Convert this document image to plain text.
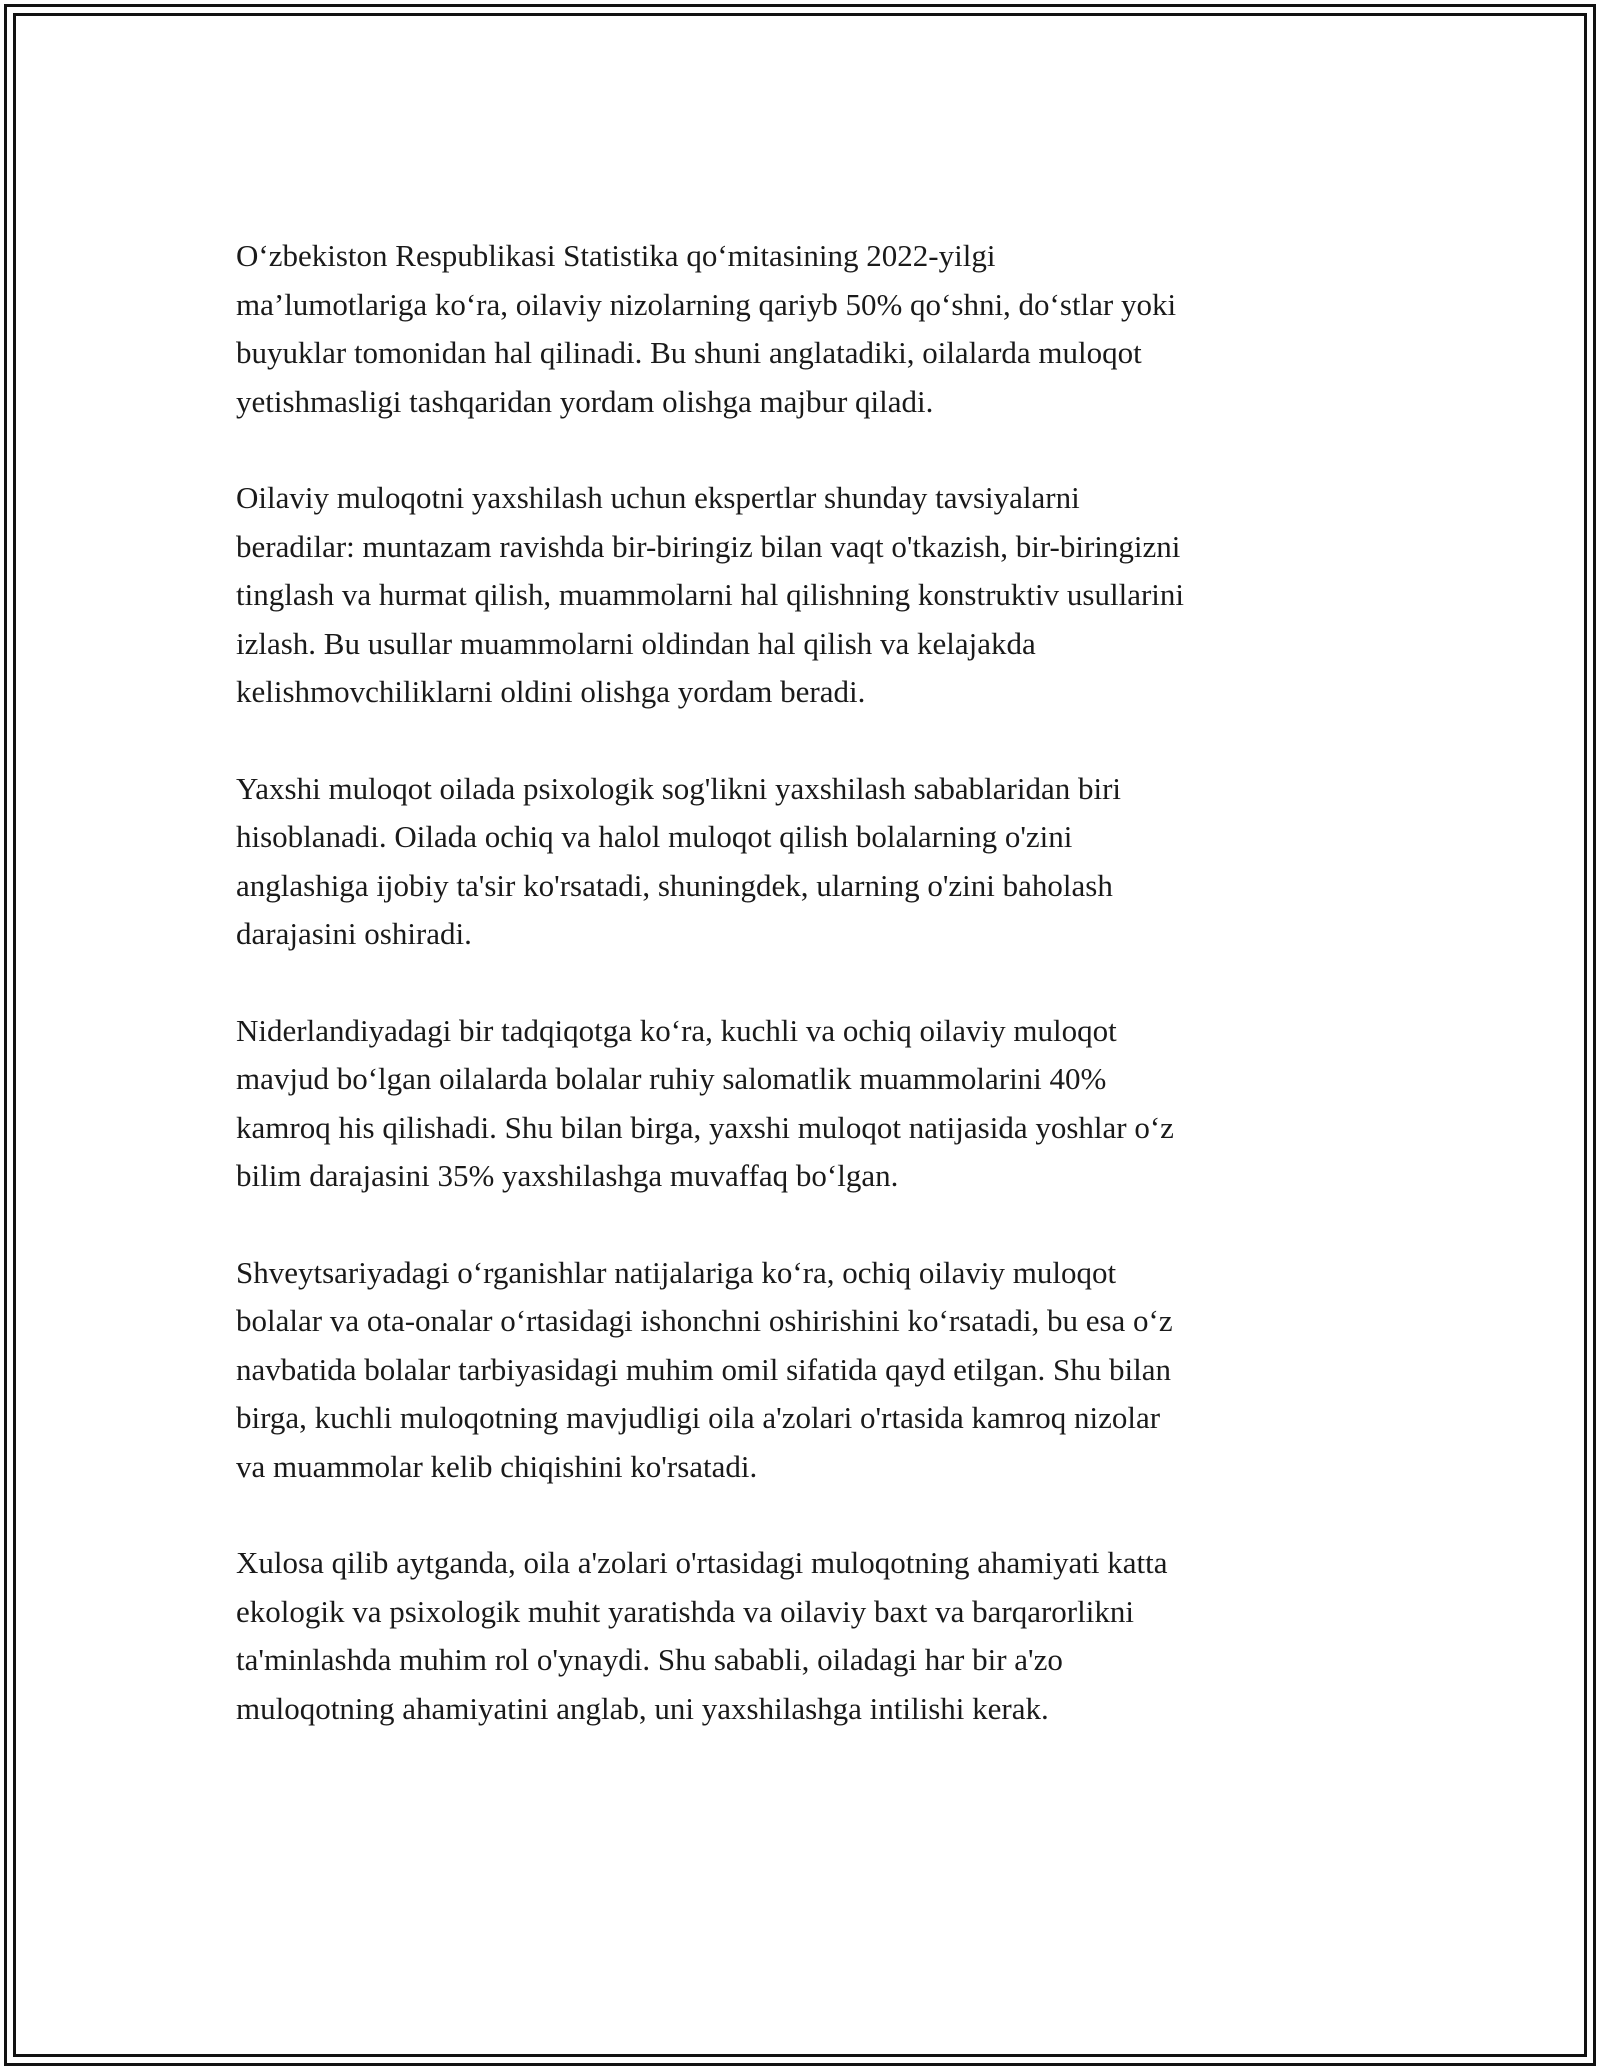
O‘zbekiston Respublikasi Statistika qo‘mitasining 2022-yilgi
ma’lumotlariga ko‘ra, oilaviy nizolarning qariyb 50% qo‘shni, do‘stlar yoki
buyuklar tomonidan hal qilinadi. Bu shuni anglatadiki, oilalarda muloqot
yetishmasligi tashqaridan yordam olishga majbur qiladi.

Oilaviy muloqotni yaxshilash uchun ekspertlar shunday tavsiyalarni
beradilar: muntazam ravishda bir-biringiz bilan vaqt o'tkazish, bir-biringizni
tinglash va hurmat qilish, muammolarni hal qilishning konstruktiv usullarini
izlash. Bu usullar muammolarni oldindan hal qilish va kelajakda
kelishmovchiliklarni oldini olishga yordam beradi.

Yaxshi muloqot oilada psixologik sog'likni yaxshilash sabablaridan biri
hisoblanadi. Oilada ochiq va halol muloqot qilish bolalarning o'zini
anglashiga ijobiy ta'sir ko'rsatadi, shuningdek, ularning o'zini baholash
darajasini oshiradi.

Niderlandiyadagi bir tadqiqotga ko‘ra, kuchli va ochiq oilaviy muloqot
mavjud bo‘lgan oilalarda bolalar ruhiy salomatlik muammolarini 40%
kamroq his qilishadi. Shu bilan birga, yaxshi muloqot natijasida yoshlar o‘z
bilim darajasini 35% yaxshilashga muvaffaq bo‘lgan.

Shveytsariyadagi o‘rganishlar natijalariga ko‘ra, ochiq oilaviy muloqot
bolalar va ota-onalar o‘rtasidagi ishonchni oshirishini ko‘rsatadi, bu esa o‘z
navbatida bolalar tarbiyasidagi muhim omil sifatida qayd etilgan. Shu bilan
birga, kuchli muloqotning mavjudligi oila a'zolari o'rtasida kamroq nizolar
va muammolar kelib chiqishini ko'rsatadi.

Xulosa qilib aytganda, oila a'zolari o'rtasidagi muloqotning ahamiyati katta
ekologik va psixologik muhit yaratishda va oilaviy baxt va barqarorlikni
ta'minlashda muhim rol o'ynaydi. Shu sababli, oiladagi har bir a'zo
muloqotning ahamiyatini anglab, uni yaxshilashga intilishi kerak.
